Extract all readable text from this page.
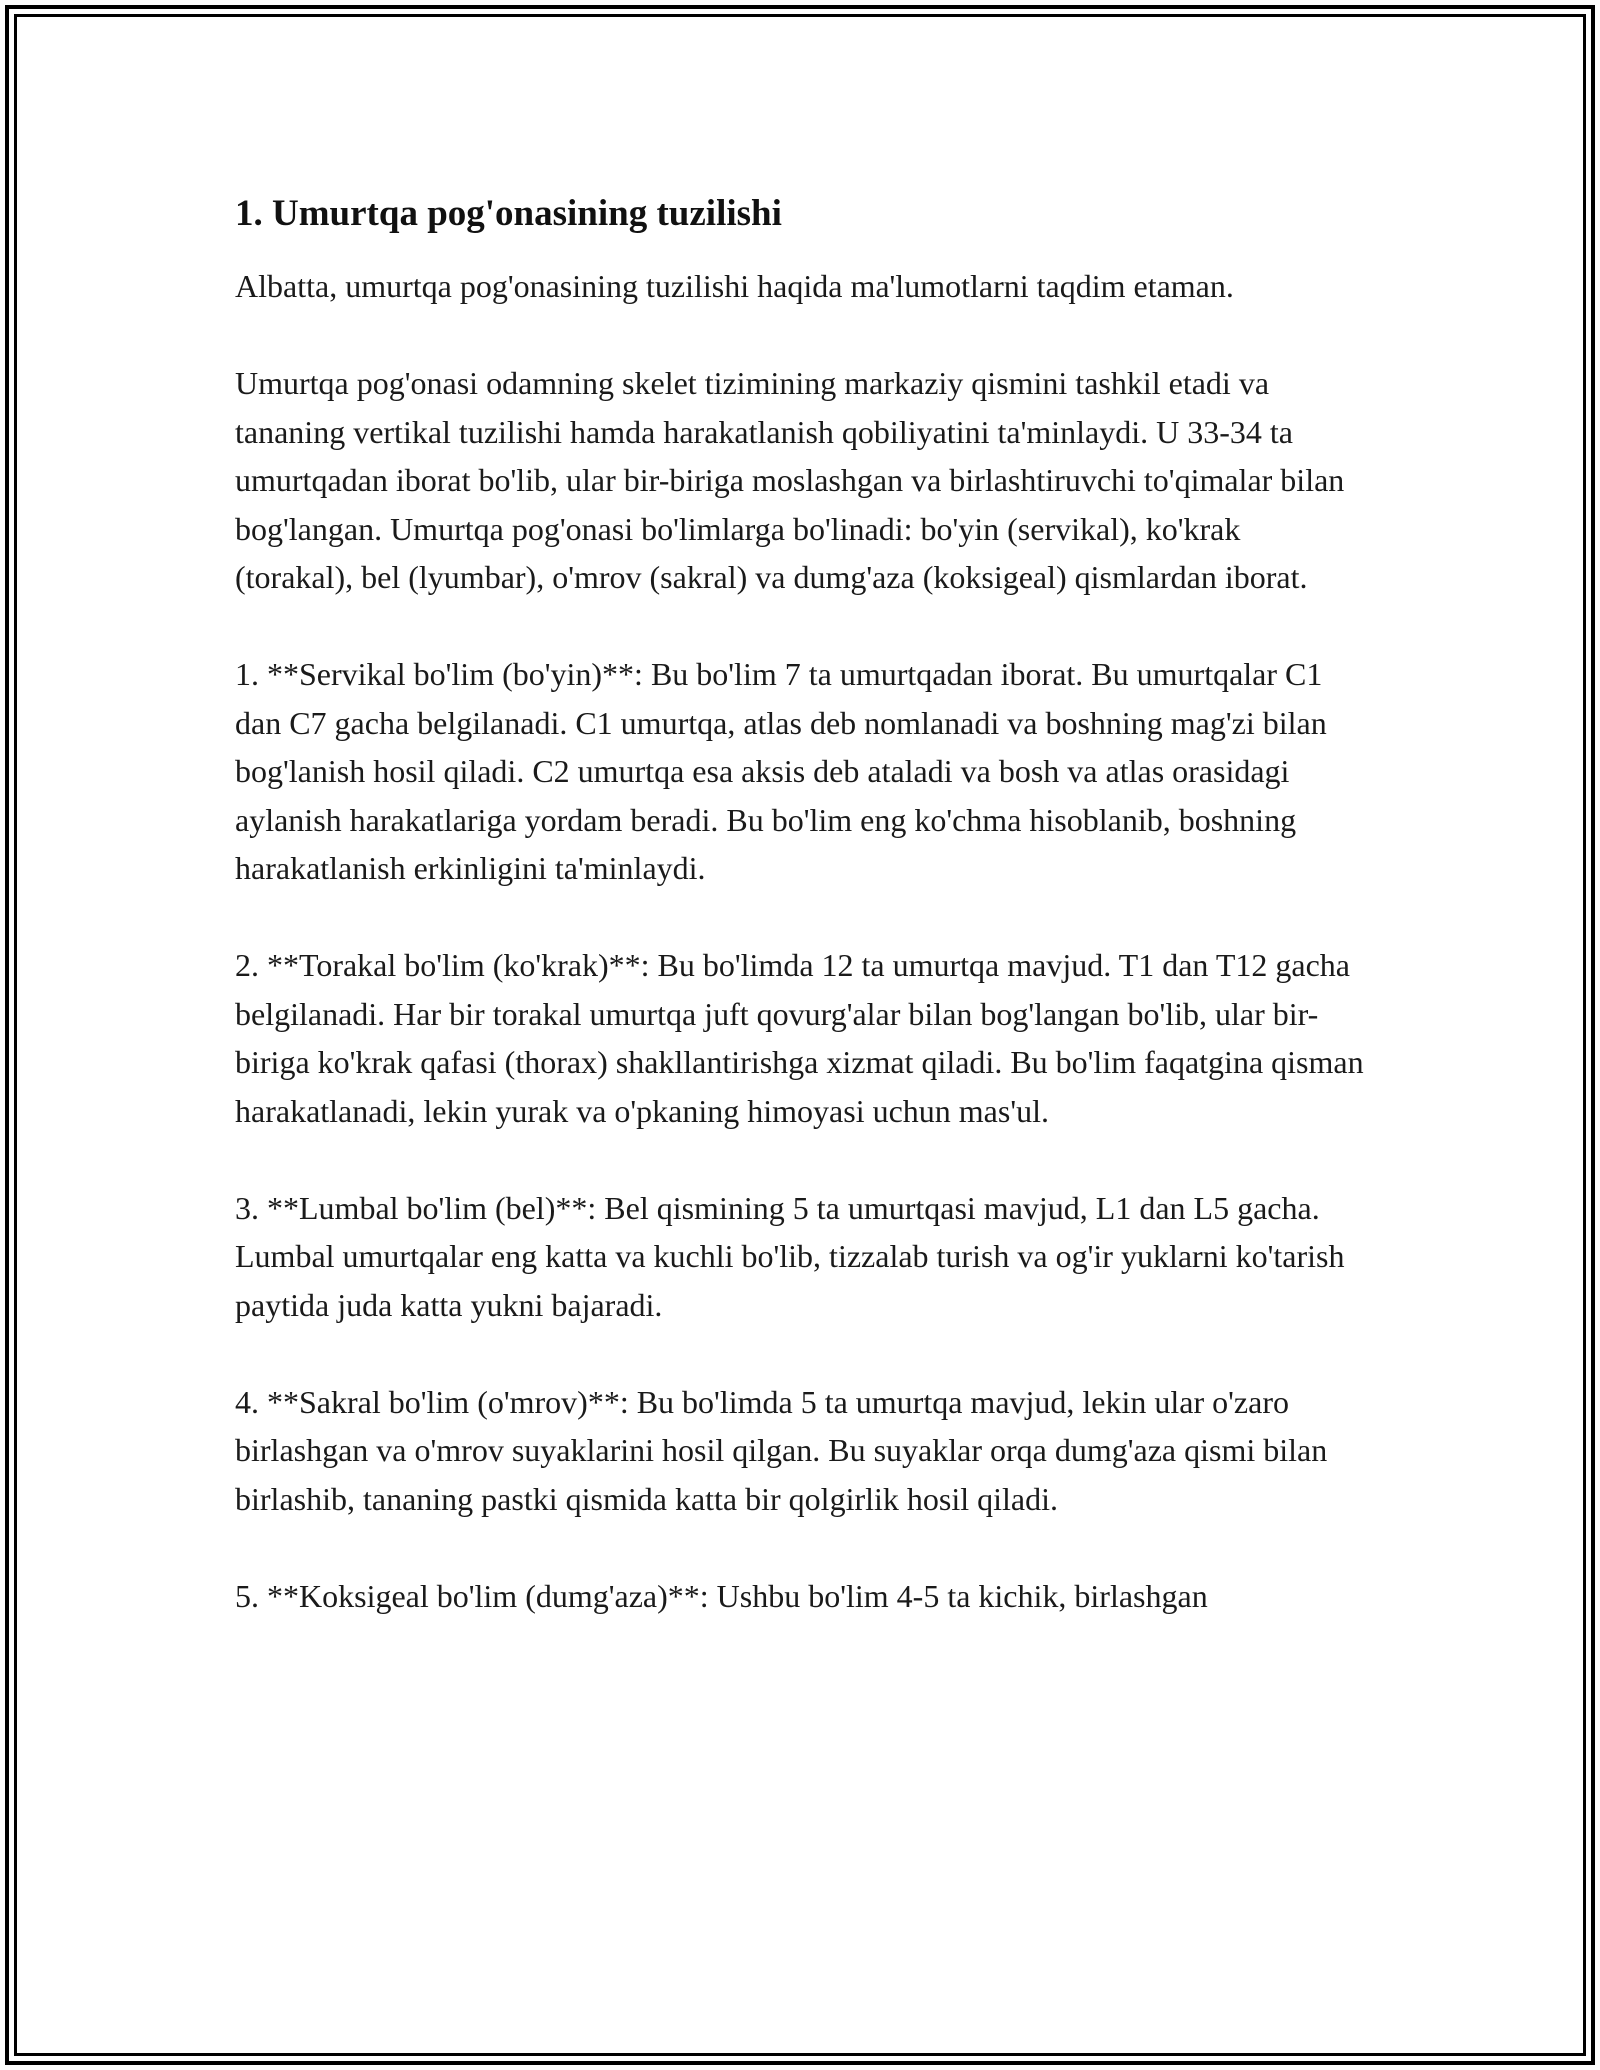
1. Umurtqa pog'onasining tuzilishi

Albatta, umurtqa pog'onasining tuzilishi haqida ma'lumotlarni taqdim etaman.

Umurtqa pog'onasi odamning skelet tizimining markaziy qismini tashkil etadi va tananing vertikal tuzilishi hamda harakatlanish qobiliyatini ta'minlaydi. U 33-34 ta umurtqadan iborat bo'lib, ular bir-biriga moslashgan va birlashtiruvchi to'qimalar bilan bog'langan. Umurtqa pog'onasi bo'limlarga bo'linadi: bo'yin (servikal), ko'krak (torakal), bel (lyumbar), o'mrov (sakral) va dumg'aza (koksigeal) qismlardan iborat.

1. **Servikal bo'lim (bo'yin)**: Bu bo'lim 7 ta umurtqadan iborat. Bu umurtqalar C1 dan C7 gacha belgilanadi. C1 umurtqa, atlas deb nomlanadi va boshning mag'zi bilan bog'lanish hosil qiladi. C2 umurtqa esa aksis deb ataladi va bosh va atlas orasidagi aylanish harakatlariga yordam beradi. Bu bo'lim eng ko'chma hisoblanib, boshning harakatlanish erkinligini ta'minlaydi.

2. **Torakal bo'lim (ko'krak)**: Bu bo'limda 12 ta umurtqa mavjud. T1 dan T12 gacha belgilanadi. Har bir torakal umurtqa juft qovurg'alar bilan bog'langan bo'lib, ular bir-biriga ko'krak qafasi (thorax) shakllantirishga xizmat qiladi. Bu bo'lim faqatgina qisman harakatlanadi, lekin yurak va o'pkaning himoyasi uchun mas'ul.

3. **Lumbal bo'lim (bel)**: Bel qismining 5 ta umurtqasi mavjud, L1 dan L5 gacha. Lumbal umurtqalar eng katta va kuchli bo'lib, tizzalab turish va og'ir yuklarni ko'tarish paytida juda katta yukni bajaradi.

4. **Sakral bo'lim (o'mrov)**: Bu bo'limda 5 ta umurtqa mavjud, lekin ular o'zaro birlashgan va o'mrov suyaklarini hosil qilgan. Bu suyaklar orqa dumg'aza qismi bilan birlashib, tananing pastki qismida katta bir qolgirlik hosil qiladi.

5. **Koksigeal bo'lim (dumg'aza)**: Ushbu bo'lim 4-5 ta kichik, birlashgan
